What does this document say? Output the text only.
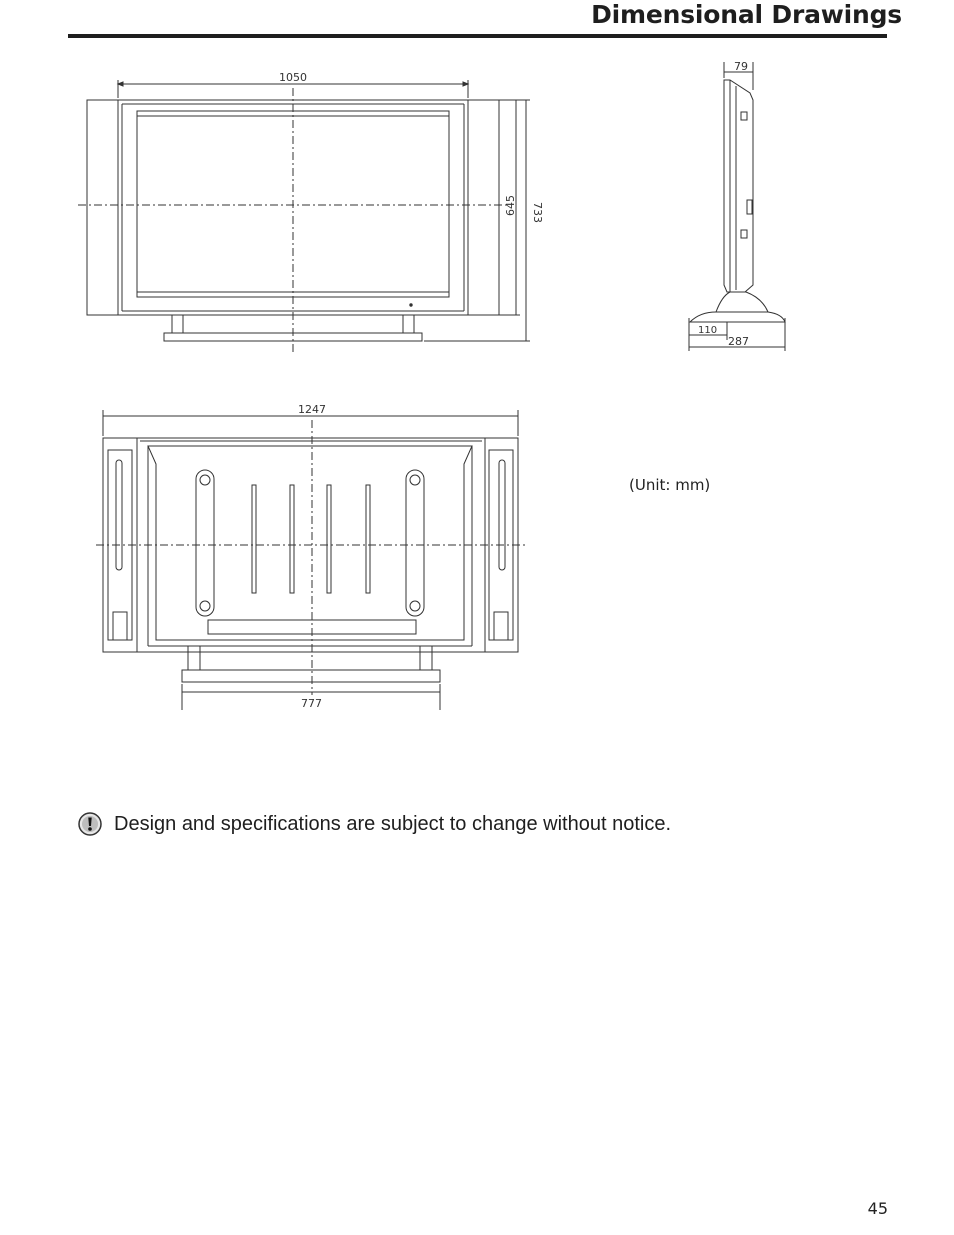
Dimensional Drawings
1050
645 733
79
110
287
1247
777
(Unit: mm)
Design and specifications are subject to change without notice.
45
